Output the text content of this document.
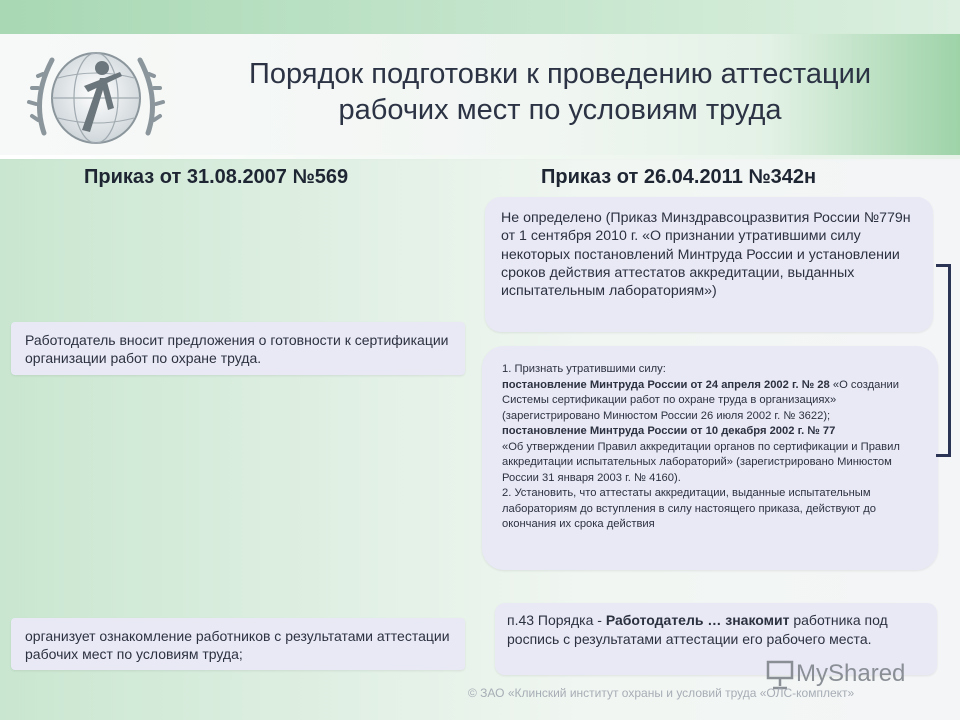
Порядок подготовки к проведению аттестации
рабочих мест по условиям труда
Приказ от 31.08.2007 №569	Приказ от 26.04.2011 №342н
Не определено (Приказ Минздравсоцразвития России №779н от 1 сентября 2010 г. «О признании утратившими силу некоторых постановлений Минтруда России и установлении сроков действия аттестатов аккредитации, выданных испытательным лабораториям»)
Работодатель вносит предложения о готовности к сертификации организации работ по охране труда.
1. Признать утратившими силу:
постановление Минтруда России от 24 апреля 2002 г. № 28 «О создании Системы сертификации работ по охране труда в организациях» (зарегистрировано Минюстом России 26 июля 2002 г. № 3622);
постановление Минтруда России от 10 декабря 2002 г. № 77
«Об утверждении Правил аккредитации органов по сертификации и Правил аккредитации испытательных лабораторий» (зарегистрировано Минюстом России 31 января 2003 г. № 4160).
2. Установить, что аттестаты аккредитации, выданные испытательным лабораториям до вступления в силу настоящего приказа, действуют до окончания их срока действия
организует ознакомление работников с результатами аттестации рабочих мест по условиям труда;
п.43 Порядка - Работодатель … знакомит работника под роспись с результатами аттестации его рабочего места.
MyShared
© ЗАО «Клинский институт охраны и условий труда «ОЛС-комплект»
